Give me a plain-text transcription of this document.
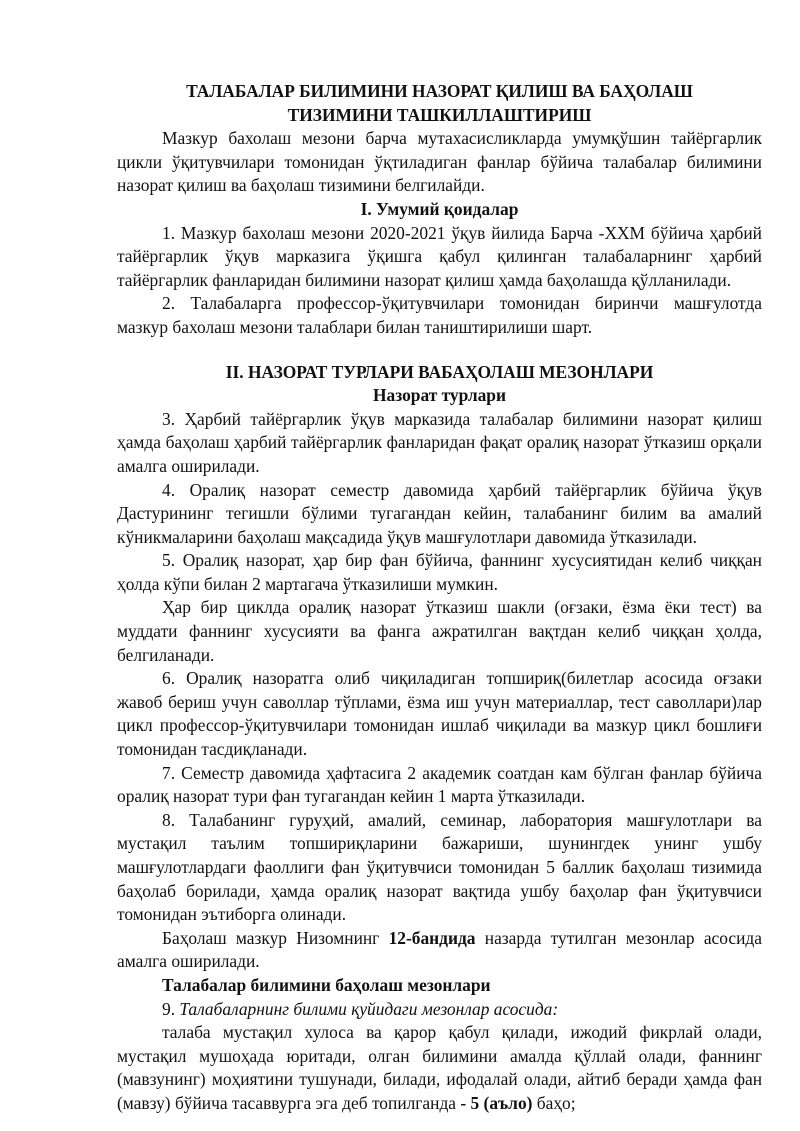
ТАЛАБАЛАР БИЛИМИНИ НАЗОРАТ ҚИЛИШ ВА БАҲОЛАШ
ТИЗИМИНИ ТАШКИЛЛАШТИРИШ

Мазкур бахолаш мезони барча мутахасисликларда умумқўшин тайёргарлик цикли ўқитувчилари томонидан ўқтиладиган фанлар бўйича талабалар билимини назорат қилиш ва баҳолаш тизимини белгилайди.

I. Умумий қоидалар

1. Мазкур бахолаш мезони 2020-2021 ўқув йилида Барча -ХХМ бўйича ҳарбий тайёргарлик ўқув марказига ўқишга қабул қилинган талабаларнинг ҳарбий тайёргарлик фанларидан билимини назорат қилиш ҳамда баҳолашда қўлланилади.

2. Талабаларга профессор-ўқитувчилари томонидан биринчи машғулотда мазкур бахолаш мезони талаблари билан таништирилиши шарт.

II. НАЗОРАТ ТУРЛАРИ ВАБАҲОЛАШ МЕЗОНЛАРИ

Назорат турлари

3. Ҳарбий тайёргарлик ўқув марказида талабалар билимини назорат қилиш ҳамда баҳолаш ҳарбий тайёргарлик фанларидан фақат оралиқ назорат ўтказиш орқали амалга оширилади.

4. Оралиқ назорат семестр давомида ҳарбий тайёргарлик бўйича ўқув Дастурининг тегишли бўлими тугагандан кейин, талабанинг билим ва амалий кўникмаларини баҳолаш мақсадида ўқув машғулотлари давомида ўтказилади.

5. Оралиқ назорат, ҳар бир фан бўйича, фаннинг хусусиятидан келиб чиққан ҳолда кўпи билан 2 мартагача ўтказилиши мумкин.

Ҳар бир циклда оралиқ назорат ўтказиш шакли (оғзаки, ёзма ёки тест) ва муддати фаннинг хусусияти ва фанга ажратилган вақтдан келиб чиққан ҳолда, белгиланади.

6. Оралиқ назоратга олиб чиқиладиган топшириқ(билетлар асосида оғзаки жавоб бериш учун саволлар тўплами, ёзма иш учун материаллар, тест саволлари)лар цикл профессор-ўқитувчилари томонидан ишлаб чиқилади ва мазкур цикл бошлиғи томонидан тасдиқланади.

7. Семестр давомида ҳафтасига 2 академик соатдан кам бўлган фанлар бўйича оралиқ назорат тури фан тугагандан кейин 1 марта ўтказилади.

8. Талабанинг гуруҳий, амалий, семинар, лаборатория машғулотлари ва мустақил таълим топшириқларини бажариши, шунингдек унинг ушбу машғулотлардаги фаоллиги фан ўқитувчиси томонидан 5 баллик баҳолаш тизимида баҳолаб борилади, ҳамда оралиқ назорат вақтида ушбу баҳолар фан ўқитувчиси томонидан эътиборга олинади.

Баҳолаш мазкур Низомнинг 12-бандида назарда тутилган мезонлар асосида амалга оширилади.

Талабалар билимини баҳолаш мезонлари

9. Талабаларнинг билими қуйидаги мезонлар асосида:

талаба мустақил хулоса ва қарор қабул қилади, ижодий фикрлай олади, мустақил мушоҳада юритади, олган билимини амалда қўллай олади, фаннинг (мавзунинг) моҳиятини тушунади, билади, ифодалай олади, айтиб беради ҳамда фан (мавзу) бўйича тасаввурга эга деб топилганда - 5 (аъло) баҳо;
